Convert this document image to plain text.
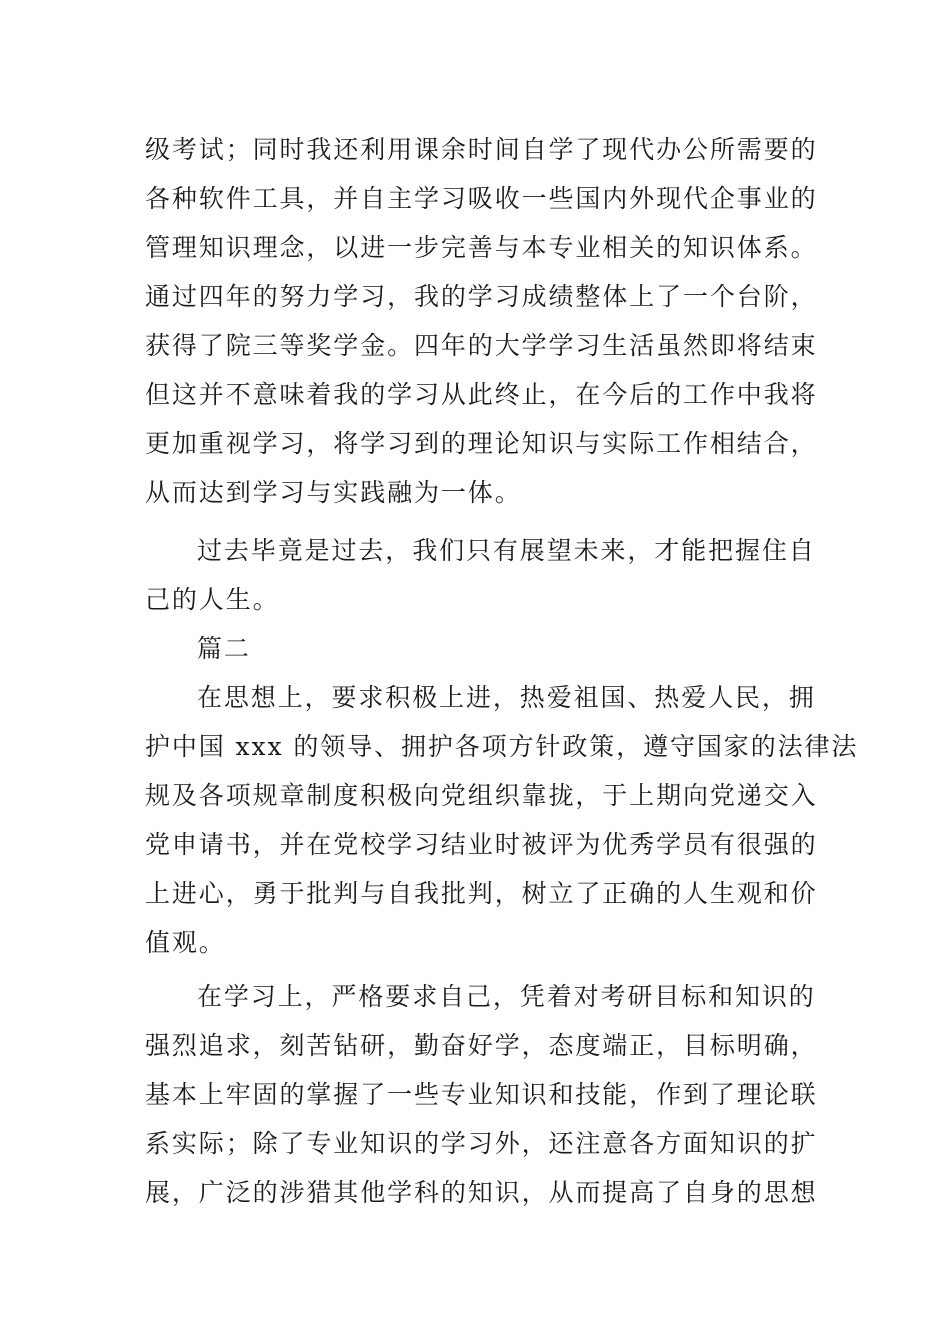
级考试；同时我还利用课余时间自学了现代办公所需要的
各种软件工具，并自主学习吸收一些国内外现代企事业的
管理知识理念，以进一步完善与本专业相关的知识体系。
通过四年的努力学习，我的学习成绩整体上了一个台阶，
获得了院三等奖学金。四年的大学学习生活虽然即将结束
但这并不意味着我的学习从此终止，在今后的工作中我将
更加重视学习，将学习到的理论知识与实际工作相结合，
从而达到学习与实践融为一体。
过去毕竟是过去，我们只有展望未来，才能把握住自
己的人生。
篇二
在思想上，要求积极上进，热爱祖国、热爱人民，拥
护中国 xxx 的领导、拥护各项方针政策，遵守国家的法律法
规及各项规章制度积极向党组织靠拢，于上期向党递交入
党申请书，并在党校学习结业时被评为优秀学员有很强的
上进心，勇于批判与自我批判，树立了正确的人生观和价
值观。
在学习上，严格要求自己，凭着对考研目标和知识的
强烈追求，刻苦钻研，勤奋好学，态度端正，目标明确，
基本上牢固的掌握了一些专业知识和技能，作到了理论联
系实际；除了专业知识的学习外，还注意各方面知识的扩
展，广泛的涉猎其他学科的知识，从而提高了自身的思想
